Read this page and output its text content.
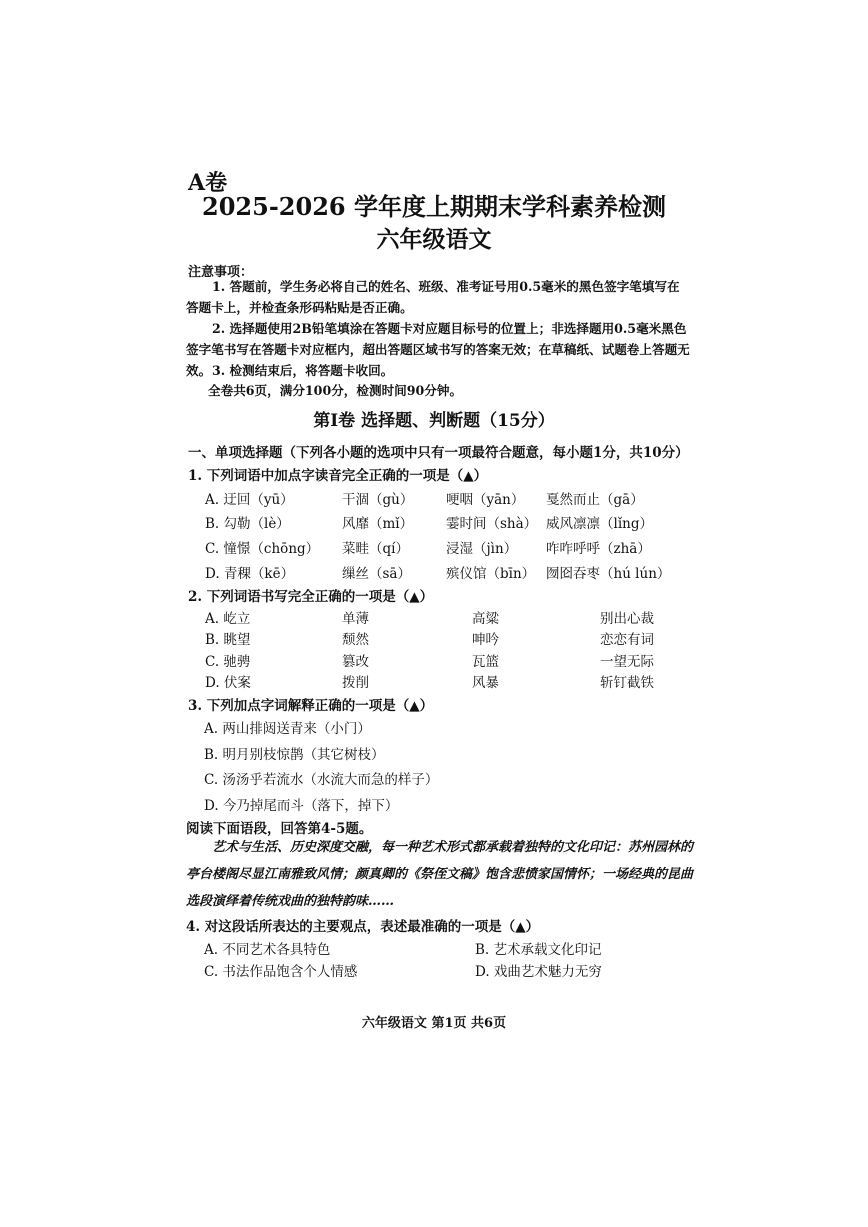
A卷
2025-2026 学年度上期期末学科素养检测
六年级语文
注意事项：
1. 答题前，学生务必将自己的姓名、班级、准考证号用0.5毫米的黑色签字笔填写在答题卡上，并检查条形码粘贴是否正确。
2. 选择题使用2B铅笔填涂在答题卡对应题目标号的位置上；非选择题用0.5毫米黑色签字笔书写在答题卡对应框内，超出答题区域书写的答案无效；在草稿纸、试题卷上答题无效。 3. 检测结束后，将答题卡收回。
全卷共6页，满分100分，检测时间90分钟。
第Ⅰ卷 选择题、判断题（15分）
一、单项选择题（下列各小题的选项中只有一项最符合题意，每小题1分，共10分）
1. 下列词语中加点字读音完全正确的一项是（▲）
A. 迂回（yū）	干涸（gù） 哽咽（yān） 戛然而止（gā）
B. 勾勒（lè）	风靡（mǐ） 霎时间（shà） 威风凛凛（lǐng）
C. 憧憬（chōng） 菜畦（qí）	浸湿（jìn） 咋咋呼呼（zhā）
D. 青稞（kē）	缫丝（sā）	殡仪馆（bīn） 囫囵吞枣（hú lún）
2. 下列词语书写完全正确的一项是（▲）
A. 屹立	单薄	高粱	别出心裁
B. 眺望	颓然	呻吟	恋恋有词
C. 驰骋	篡改	瓦篮	一望无际
D. 伏案	拨削	风暴	斩钉截铁
3. 下列加点字词解释正确的一项是（▲）
A. 两山排闼送青来（小门）
B. 明月别枝惊鹊（其它树枝）
C. 汤汤乎若流水（水流大而急的样子）
D. 今乃掉尾而斗（落下，掉下）
阅读下面语段，回答第4-5题。
艺术与生活、历史深度交融，每一种艺术形式都承载着独特的文化印记：苏州园林的亭台楼阁尽显江南雅致风情；颜真卿的《祭侄文稿》饱含悲愤家国情怀；一场经典的昆曲选段演绎着传统戏曲的独特韵味……
4. 对这段话所表达的主要观点，表述最准确的一项是（▲）
A. 不同艺术各具特色	B. 艺术承载文化印记
C. 书法作品饱含个人情感	D. 戏曲艺术魅力无穷
六年级语文 第1页 共6页
